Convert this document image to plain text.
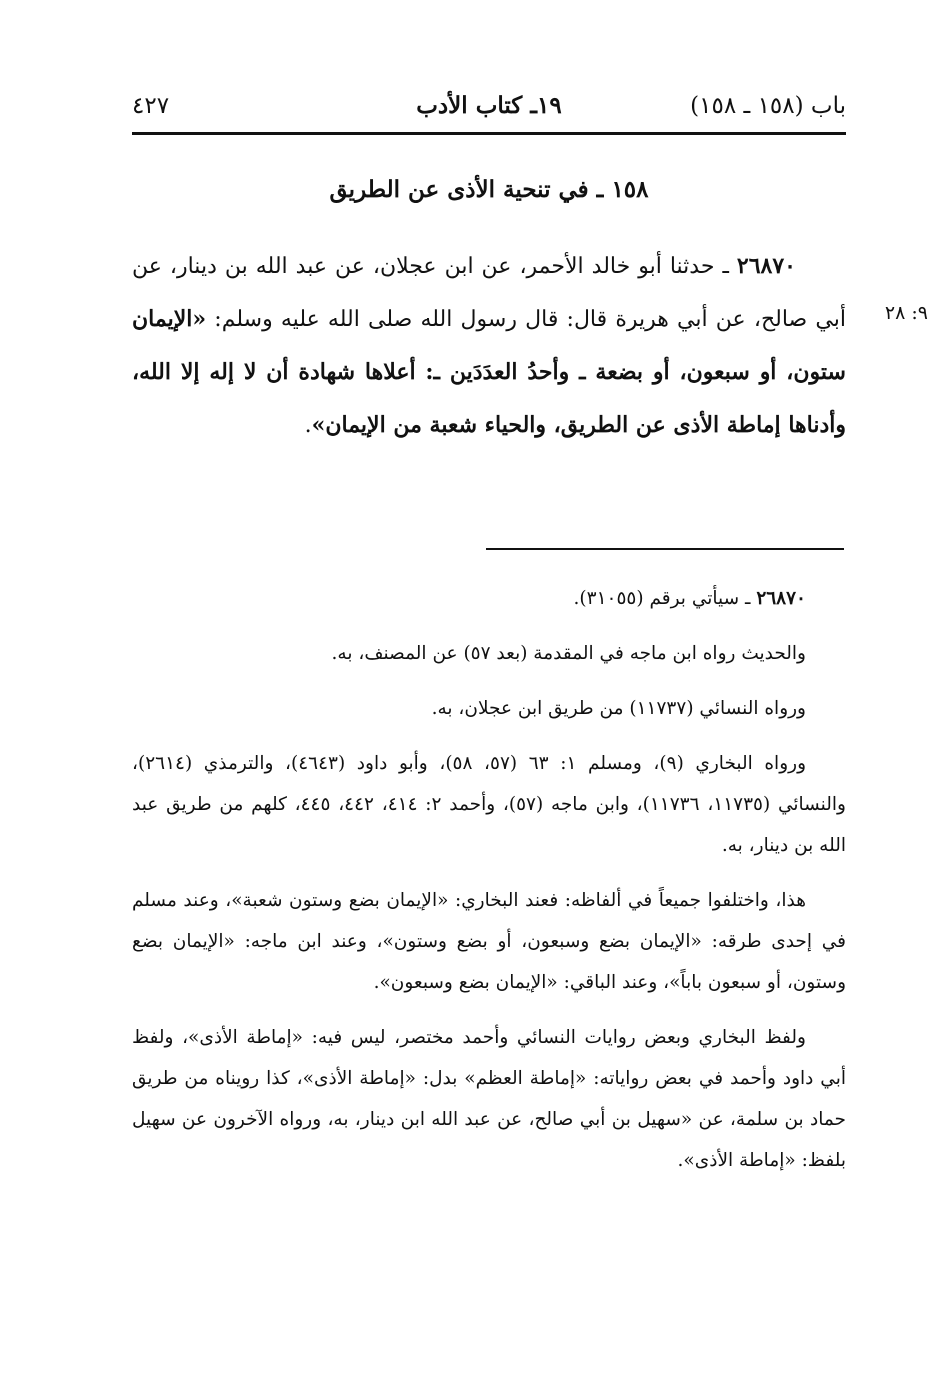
باب (١٥٨ ـ ١٥٨)
١٩ـ كتاب الأدب
٤٢٧
١٥٨ ـ في تنحية الأذى عن الطريق
٩: ٢٨
٢٦٨٧٠ ـ حدثنا أبو خالد الأحمر، عن ابن عجلان، عن عبد الله بن دينار، عن أبي صالح، عن أبي هريرة قال: قال رسول الله صلى الله عليه وسلم: «الإيمان ستون، أو سبعون، أو بضعة ـ وأحدُ العدَدَين ـ: أعلاها شهادة أن لا إله إلا الله، وأدناها إماطة الأذى عن الطريق، والحياء شعبة من الإيمان».

٢٦٨٧٠ ـ سيأتي برقم (٣١٠٥٥).

والحديث رواه ابن ماجه في المقدمة (بعد ٥٧) عن المصنف، به.

ورواه النسائي (١١٧٣٧) من طريق ابن عجلان، به.

ورواه البخاري (٩)، ومسلم ١: ٦٣ (٥٧، ٥٨)، وأبو داود (٤٦٤٣)، والترمذي (٢٦١٤)، والنسائي (١١٧٣٥، ١١٧٣٦)، وابن ماجه (٥٧)، وأحمد ٢: ٤١٤، ٤٤٢، ٤٤٥، كلهم من طريق عبد الله بن دينار، به.

هذا، واختلفوا جميعاً في ألفاظه: فعند البخاري: «الإيمان بضع وستون شعبة»، وعند مسلم في إحدى طرقه: «الإيمان بضع وسبعون، أو بضع وستون»، وعند ابن ماجه: «الإيمان بضع وستون، أو سبعون باباً»، وعند الباقي: «الإيمان بضع وسبعون».

ولفظ البخاري وبعض روايات النسائي وأحمد مختصر، ليس فيه: «إماطة الأذى»، ولفظ أبي داود وأحمد في بعض رواياته: «إماطة العظم» بدل: «إماطة الأذى»، كذا رويناه من طريق حماد بن سلمة، عن «سهيل بن أبي صالح، عن عبد الله ابن دينار، به، ورواه الآخرون عن سهيل بلفظ: «إماطة الأذى».
